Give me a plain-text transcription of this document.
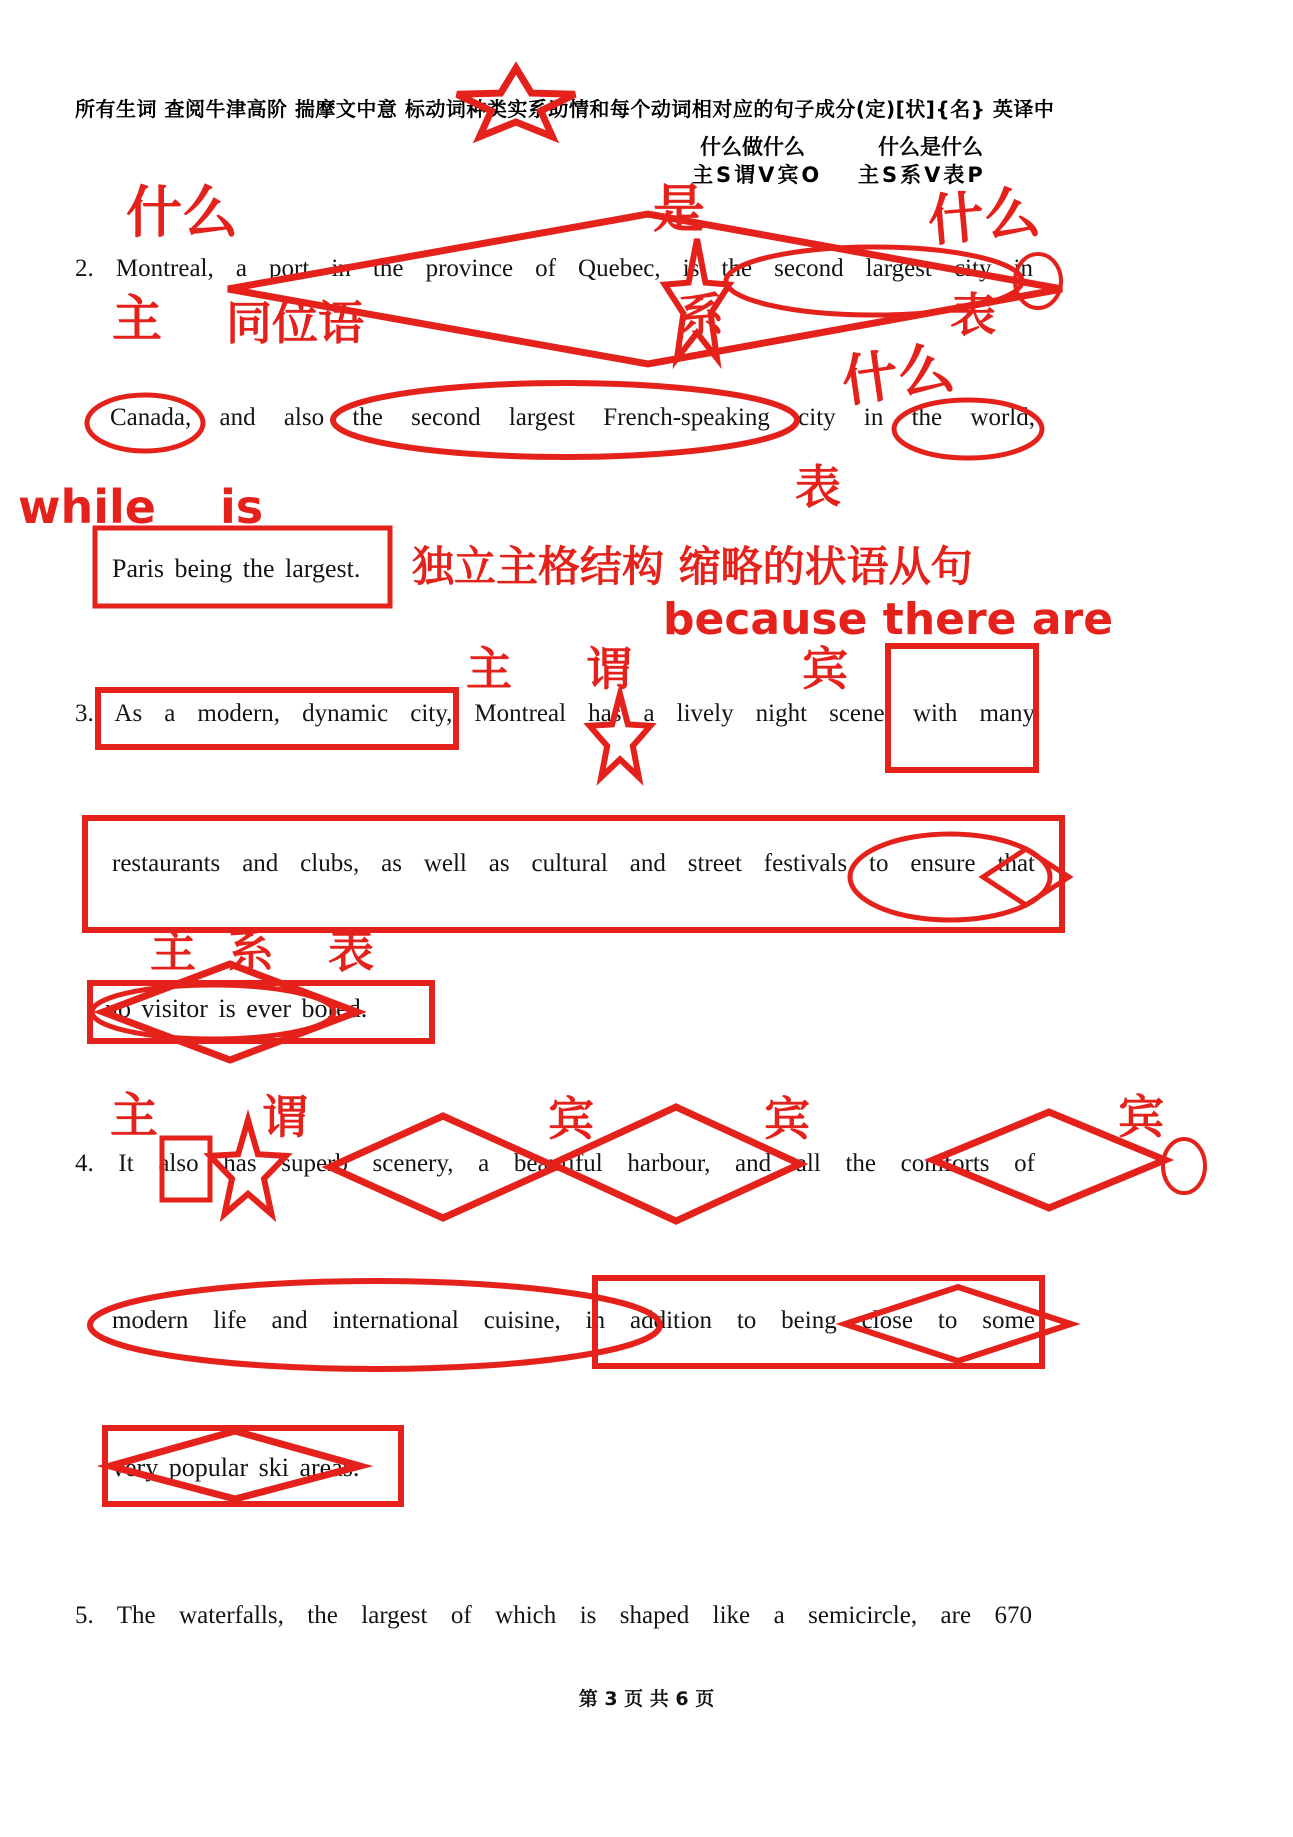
所有生词 查阅牛津高阶 揣摩文中意 标动词种类实系助情和每个动词相对应的句子成分(定)[状]{名} 英译中
什么做什么	什么是什么
主S谓V宾O 主S系V表P
什么	是	什么
2. Montreal, a port in the province of Quebec, is the second largest city in
主 同位语	系	表
什么
Canada, and also the second largest French-speaking city in the world,
表
while    is
Paris being the largest. 独立主格结构 缩略的状语从句
because there are
主 谓	宾
3. As a modern, dynamic city, Montreal has a lively night scene, with many
restaurants and clubs, as well as cultural and street festivals to ensure that
主 系 表
no visitor is ever bored.
主 谓	宾	宾	宾
4. It also has superb scenery, a beautiful harbour, and all the comforts of
modern life and international cuisine, in addition to being close to some
very popular ski areas.
5. The waterfalls, the largest of which is shaped like a semicircle, are 670
第 3 页 共 6 页
